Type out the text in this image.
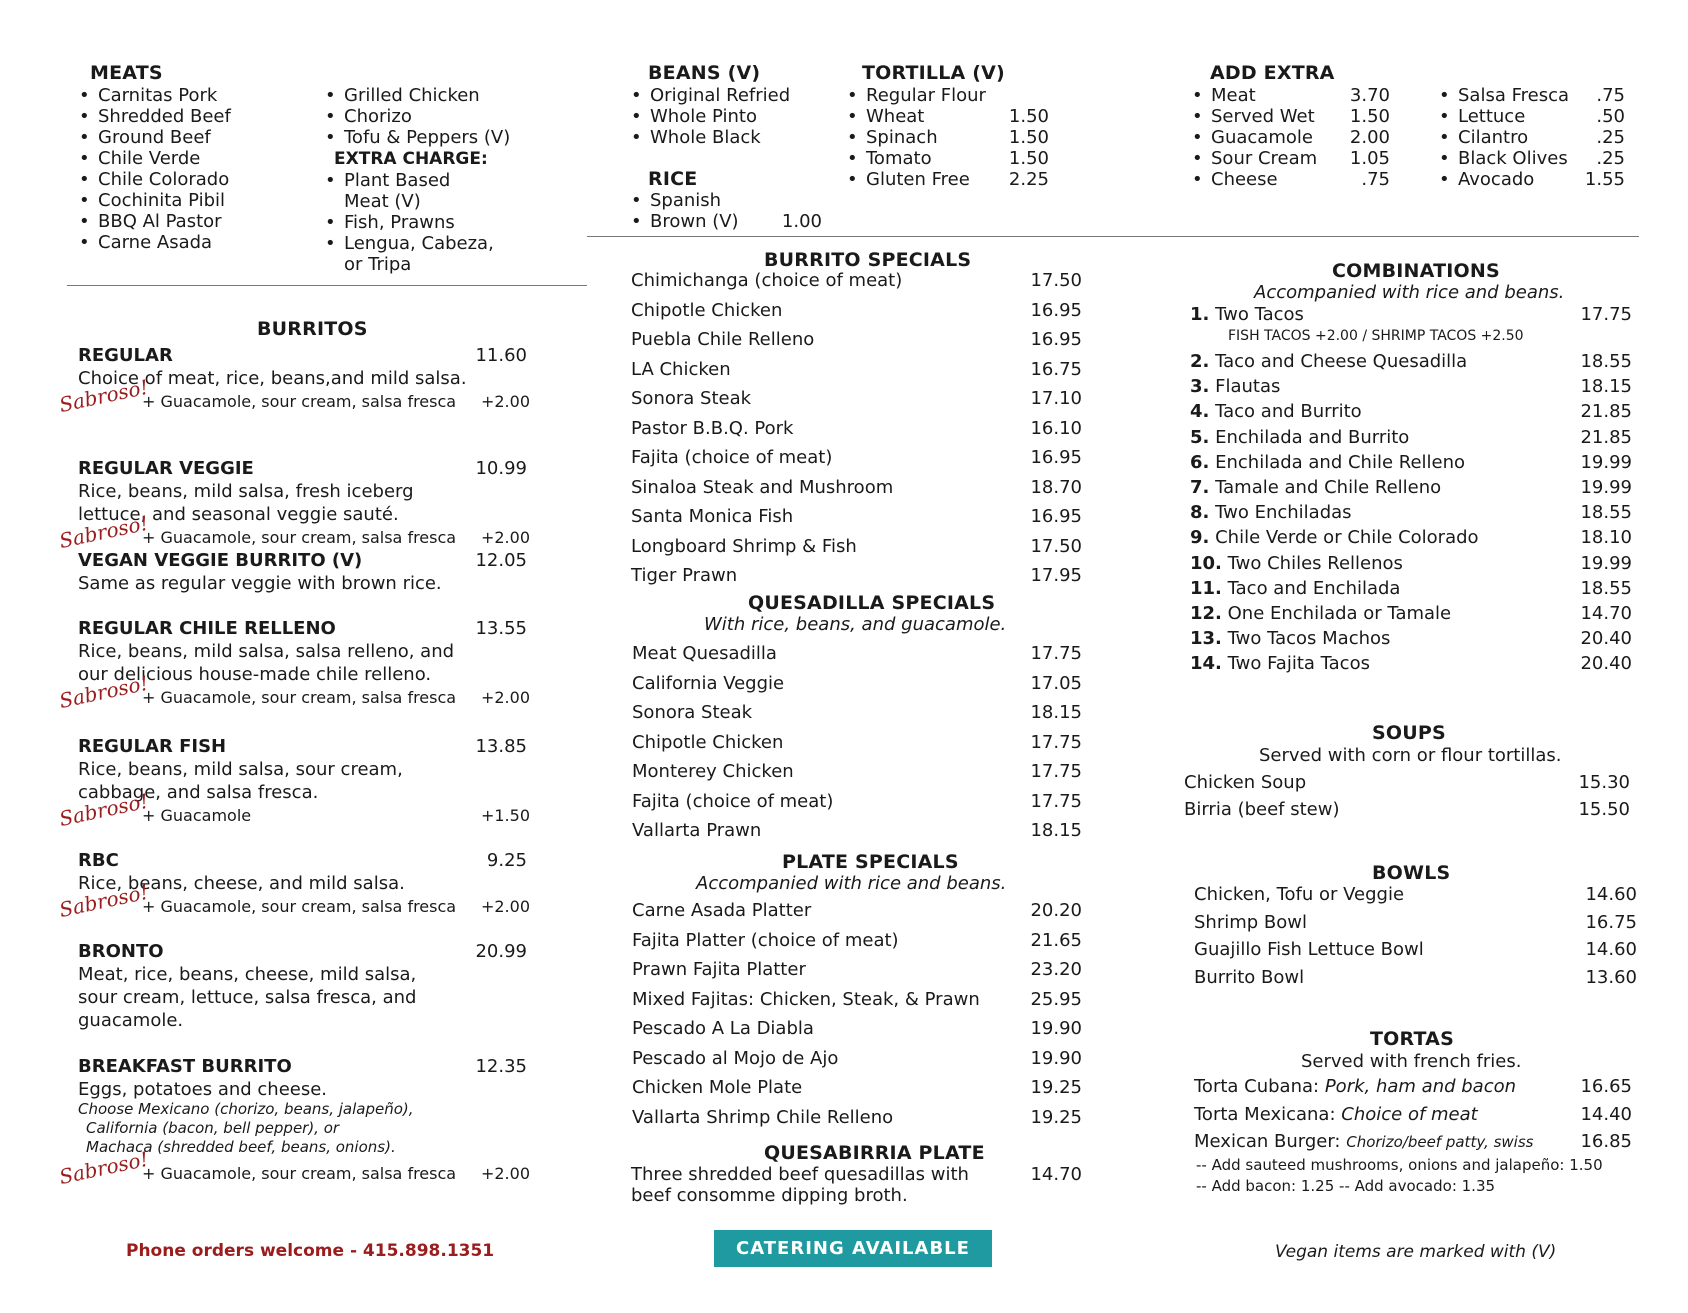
MEATS
• Carnitas Pork
• Shredded Beef
• Ground Beef
• Chile Verde
• Chile Colorado
• Cochinita Pibil
• BBQ Al Pastor
• Carne Asada
• Grilled Chicken
• Chorizo
• Tofu & Peppers (V)
EXTRA CHARGE:
• Plant Based
Meat (V)
• Fish, Prawns
• Lengua, Cabeza,
or Tripa
BEANS (V)
• Original Refried
• Whole Pinto
• Whole Black
RICE
• Spanish
• Brown (V)	1.00
TORTILLA (V)
• Regular Flour
• Wheat	1.50
• Spinach	1.50
• Tomato	1.50
• Gluten Free	2.25
ADD EXTRA
• Meat	3.70
• Served Wet	1.50
• Guacamole	2.00
• Sour Cream	1.05
• Cheese	.75
• Salsa Fresca	.75
• Lettuce	.50
• Cilantro	.25
• Black Olives	.25
• Avocado	1.55
BURRITOS
REGULAR	11.60
Choice of meat, rice, beans,and mild salsa.
Sabroso!
+ Guacamole, sour cream, salsa fresca	+2.00
REGULAR VEGGIE	10.99
Rice, beans, mild salsa, fresh iceberg
lettuce, and seasonal veggie sauté.
Sabroso!
+ Guacamole, sour cream, salsa fresca	+2.00
VEGAN VEGGIE BURRITO (V)	12.05
Same as regular veggie with brown rice.
REGULAR CHILE RELLENO	13.55
Rice, beans, mild salsa, salsa relleno, and
our delicious house-made chile relleno.
Sabroso!
+ Guacamole, sour cream, salsa fresca	+2.00
REGULAR FISH	13.85
Rice, beans, mild salsa, sour cream,
cabbage, and salsa fresca.
Sabroso!
+ Guacamole	+1.50
RBC	9.25
Rice, beans, cheese, and mild salsa.
Sabroso!
+ Guacamole, sour cream, salsa fresca	+2.00
BRONTO	20.99
Meat, rice, beans, cheese, mild salsa,
sour cream, lettuce, salsa fresca, and
guacamole.
BREAKFAST BURRITO	12.35
Eggs, potatoes and cheese.
Choose Mexicano (chorizo, beans, jalapeño),
California (bacon, bell pepper), or
Machaca (shredded beef, beans, onions).
Sabroso!
+ Guacamole, sour cream, salsa fresca	+2.00
BURRITO SPECIALS
Chimichanga (choice of meat)	17.50
Chipotle Chicken	16.95
Puebla Chile Relleno	16.95
LA Chicken	16.75
Sonora Steak	17.10
Pastor B.B.Q. Pork	16.10
Fajita (choice of meat)	16.95
Sinaloa Steak and Mushroom	18.70
Santa Monica Fish	16.95
Longboard Shrimp & Fish	17.50
Tiger Prawn	17.95
QUESADILLA SPECIALS
With rice, beans, and guacamole.
Meat Quesadilla	17.75
California Veggie	17.05
Sonora Steak	18.15
Chipotle Chicken	17.75
Monterey Chicken	17.75
Fajita (choice of meat)	17.75
Vallarta Prawn	18.15
PLATE SPECIALS
Accompanied with rice and beans.
Carne Asada Platter	20.20
Fajita Platter (choice of meat)	21.65
Prawn Fajita Platter	23.20
Mixed Fajitas: Chicken, Steak, & Prawn	25.95
Pescado A La Diabla	19.90
Pescado al Mojo de Ajo	19.90
Chicken Mole Plate	19.25
Vallarta Shrimp Chile Relleno	19.25
QUESABIRRIA PLATE
Three shredded beef quesadillas with
beef consomme dipping broth.
14.70
COMBINATIONS
Accompanied with rice and beans.
1. Two Tacos	17.75
2. Taco and Cheese Quesadilla	18.55
3. Flautas	18.15
4. Taco and Burrito	21.85
5. Enchilada and Burrito	21.85
6. Enchilada and Chile Relleno	19.99
7. Tamale and Chile Relleno	19.99
8. Two Enchiladas	18.55
9. Chile Verde or Chile Colorado	18.10
10. Two Chiles Rellenos	19.99
11. Taco and Enchilada	18.55
12. One Enchilada or Tamale	14.70
13. Two Tacos Machos	20.40
14. Two Fajita Tacos	20.40
FISH TACOS +2.00 / SHRIMP TACOS +2.50
SOUPS
Served with corn or flour tortillas.
Chicken Soup	15.30
Birria (beef stew)	15.50
BOWLS
Chicken, Tofu or Veggie	14.60
Shrimp Bowl	16.75
Guajillo Fish Lettuce Bowl	14.60
Burrito Bowl	13.60
TORTAS
Served with french fries.
Torta Cubana: Pork, ham and bacon	16.65
Torta Mexicana: Choice of meat	14.40
Mexican Burger: Chorizo/beef patty, swiss	16.85
-- Add sauteed mushrooms, onions and jalapeño: 1.50
-- Add bacon: 1.25 -- Add avocado: 1.35
Phone orders welcome - 415.898.1351	CATERING AVAILABLE	Vegan items are marked with (V)
